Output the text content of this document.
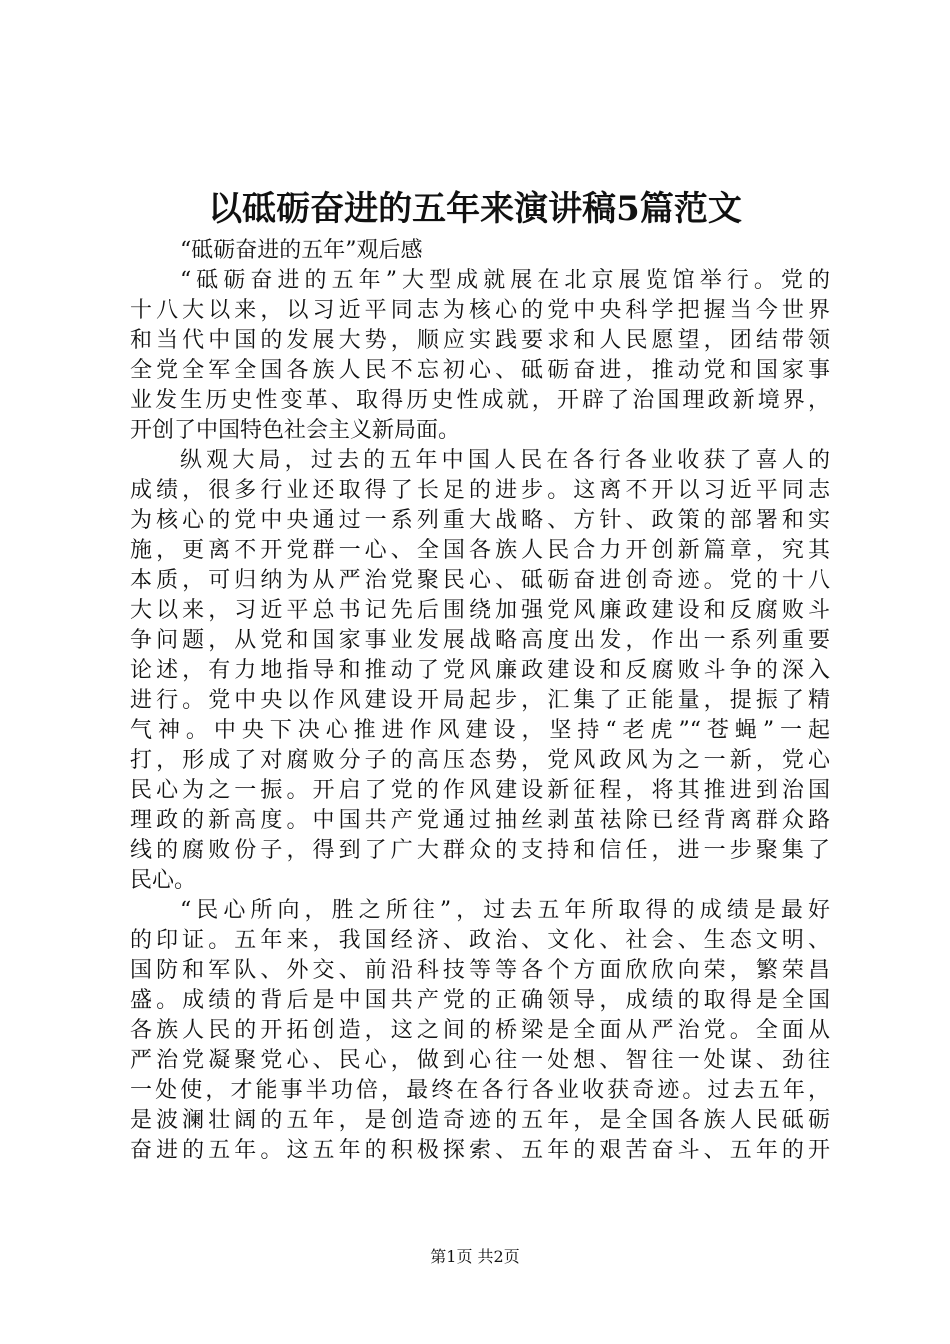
以砥砺奋进的五年来演讲稿5篇范文
“砥砺奋进的五年”观后感
“砥砺奋进的五年”大型成就展在北京展览馆举行。党的
十八大以来，以习近平同志为核心的党中央科学把握当今世界
和当代中国的发展大势，顺应实践要求和人民愿望，团结带领
全党全军全国各族人民不忘初心、砥砺奋进，推动党和国家事
业发生历史性变革、取得历史性成就，开辟了治国理政新境界，
开创了中国特色社会主义新局面。
纵观大局，过去的五年中国人民在各行各业收获了喜人的
成绩，很多行业还取得了长足的进步。这离不开以习近平同志
为核心的党中央通过一系列重大战略、方针、政策的部署和实
施，更离不开党群一心、全国各族人民合力开创新篇章，究其
本质，可归纳为从严治党聚民心、砥砺奋进创奇迹。党的十八
大以来，习近平总书记先后围绕加强党风廉政建设和反腐败斗
争问题，从党和国家事业发展战略高度出发，作出一系列重要
论述，有力地指导和推动了党风廉政建设和反腐败斗争的深入
进行。党中央以作风建设开局起步，汇集了正能量，提振了精
气神。中央下决心推进作风建设，坚持“老虎”“苍蝇”一起
打，形成了对腐败分子的高压态势，党风政风为之一新，党心
民心为之一振。开启了党的作风建设新征程，将其推进到治国
理政的新高度。中国共产党通过抽丝剥茧祛除已经背离群众路
线的腐败份子，得到了广大群众的支持和信任，进一步聚集了
民心。
“民心所向，胜之所往”，过去五年所取得的成绩是最好
的印证。五年来，我国经济、政治、文化、社会、生态文明、
国防和军队、外交、前沿科技等等各个方面欣欣向荣，繁荣昌
盛。成绩的背后是中国共产党的正确领导，成绩的取得是全国
各族人民的开拓创造，这之间的桥梁是全面从严治党。全面从
严治党凝聚党心、民心，做到心往一处想、智往一处谋、劲往
一处使，才能事半功倍，最终在各行各业收获奇迹。过去五年，
是波澜壮阔的五年，是创造奇迹的五年，是全国各族人民砥砺
奋进的五年。这五年的积极探索、五年的艰苦奋斗、五年的开
第1页 共2页
